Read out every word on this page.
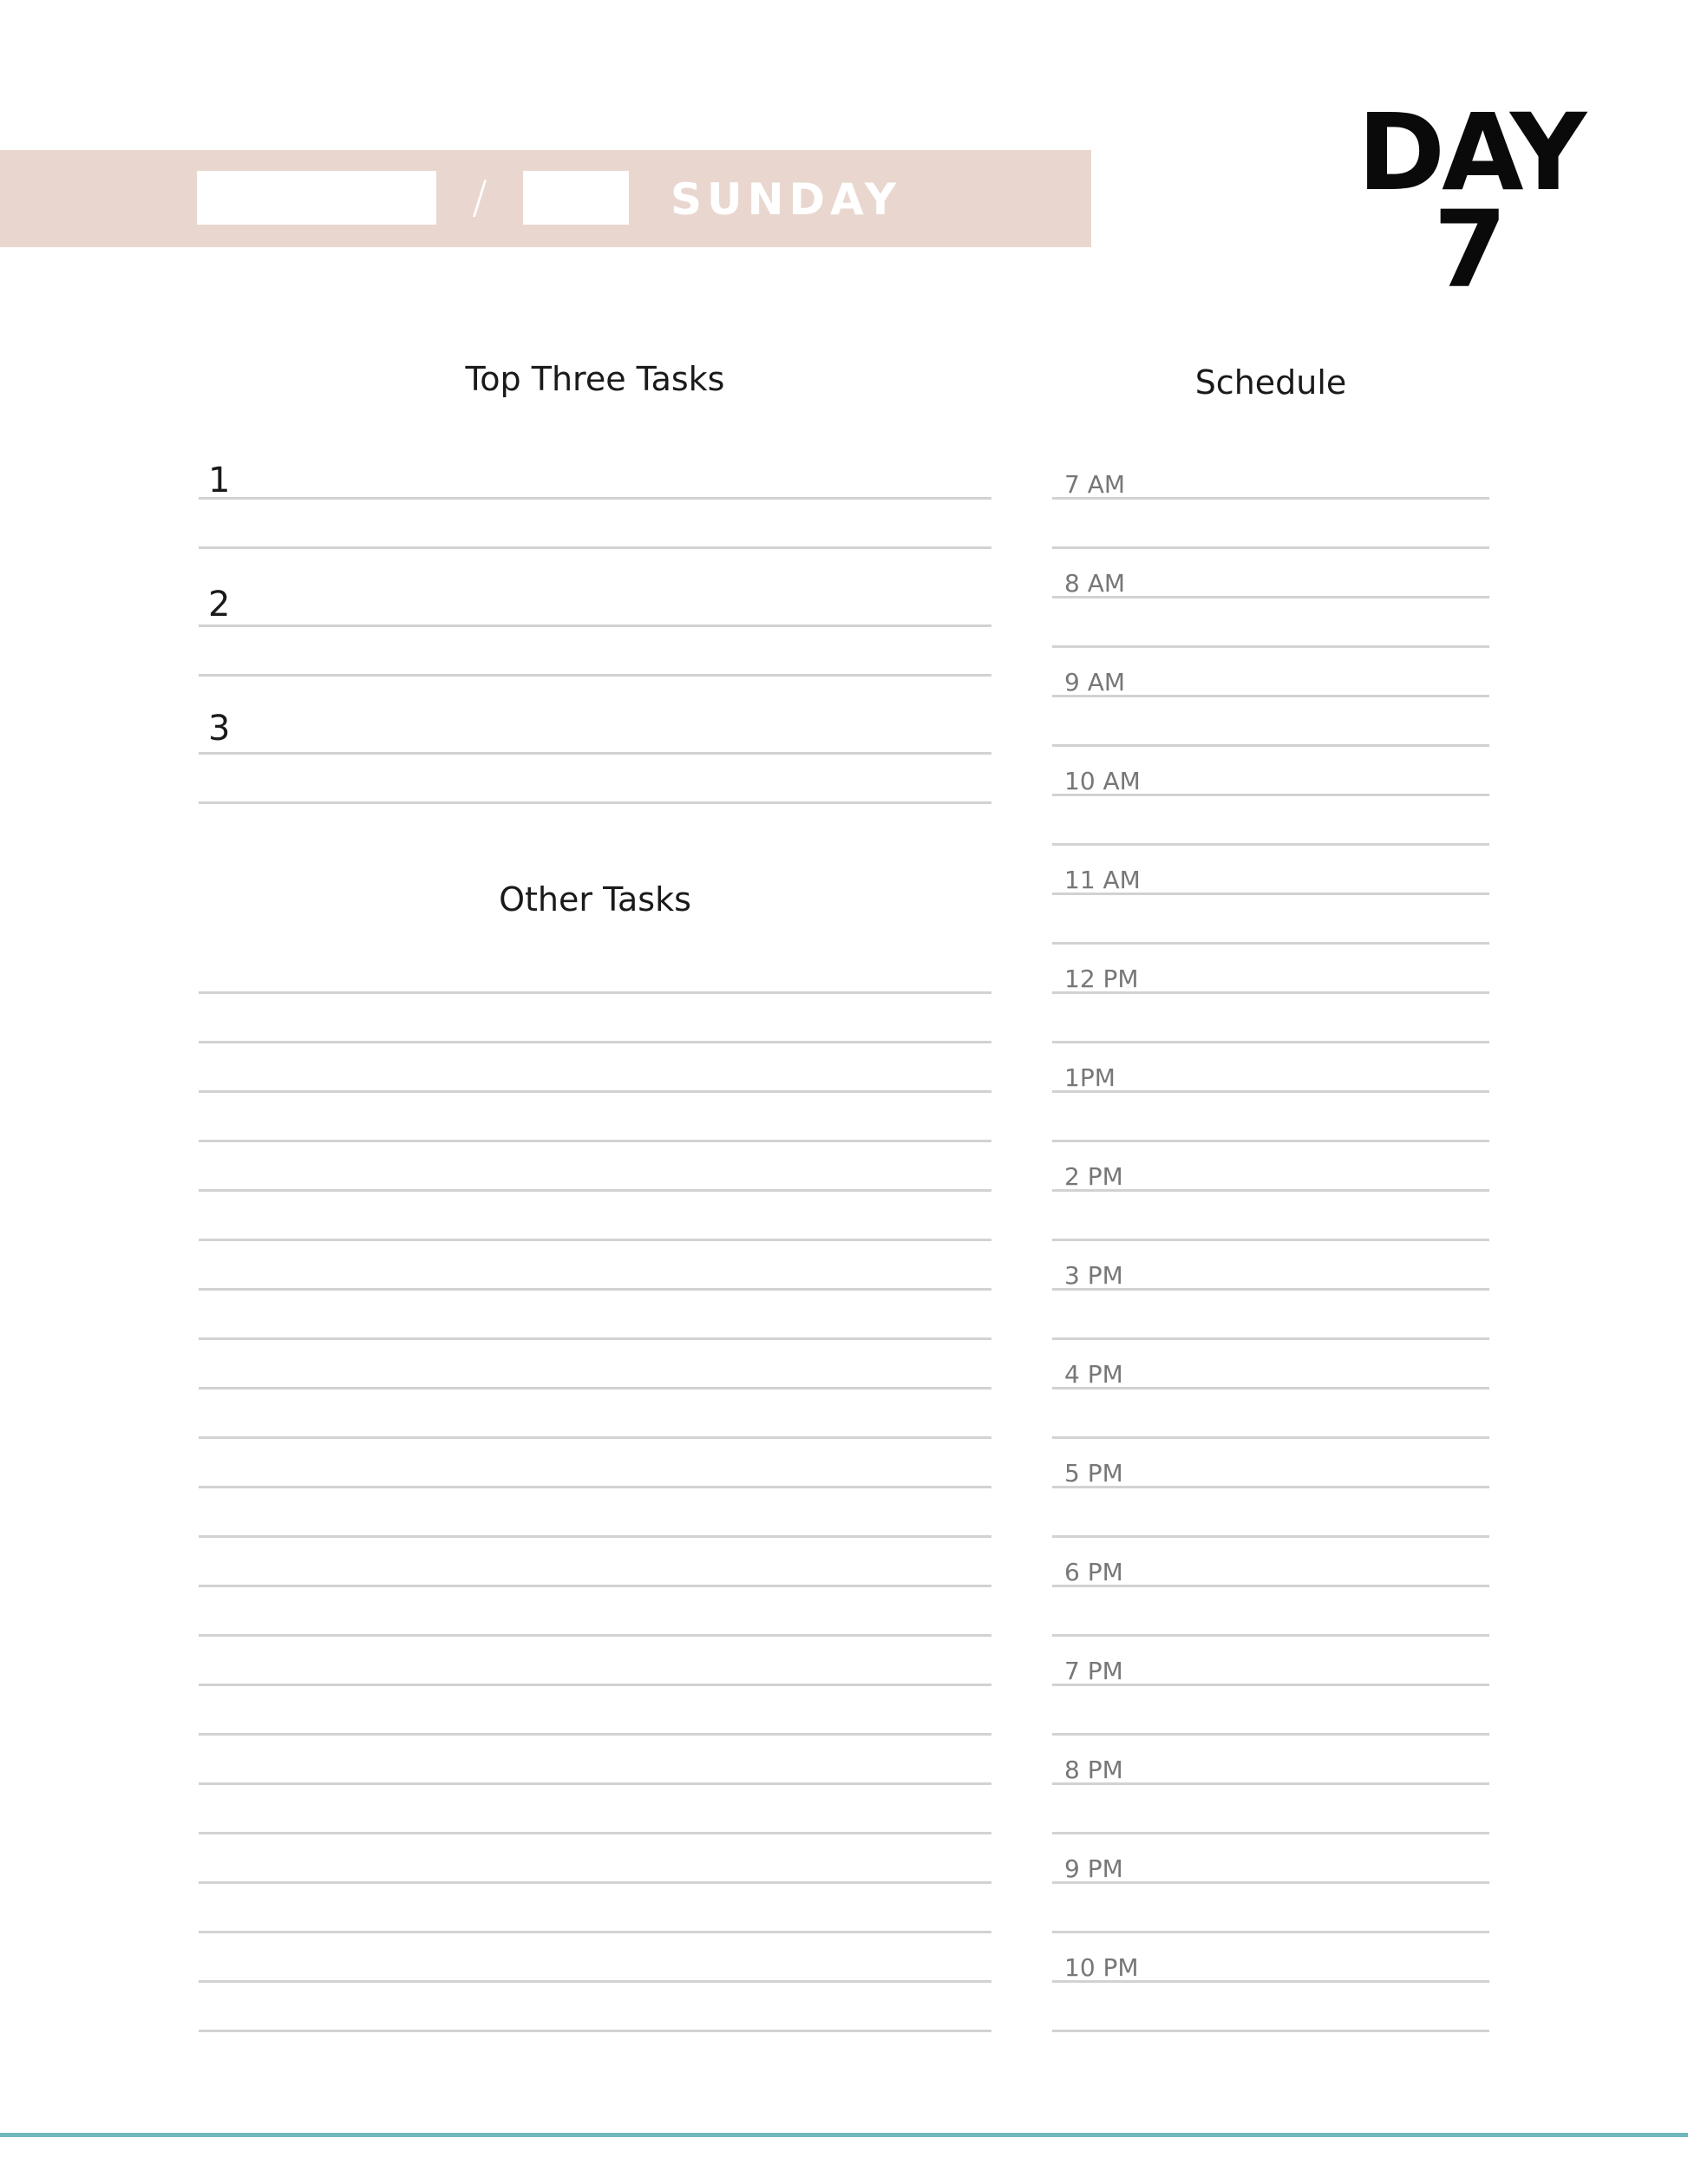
/	SUNDAY	DAY
7
Top Three Tasks
Other Tasks
Schedule
1
2
3
7 AM
8 AM
9 AM
10 AM
11 AM
12 PM
1PM
2 PM
3 PM
4 PM
5 PM
6 PM
7 PM
8 PM
9 PM
10 PM
